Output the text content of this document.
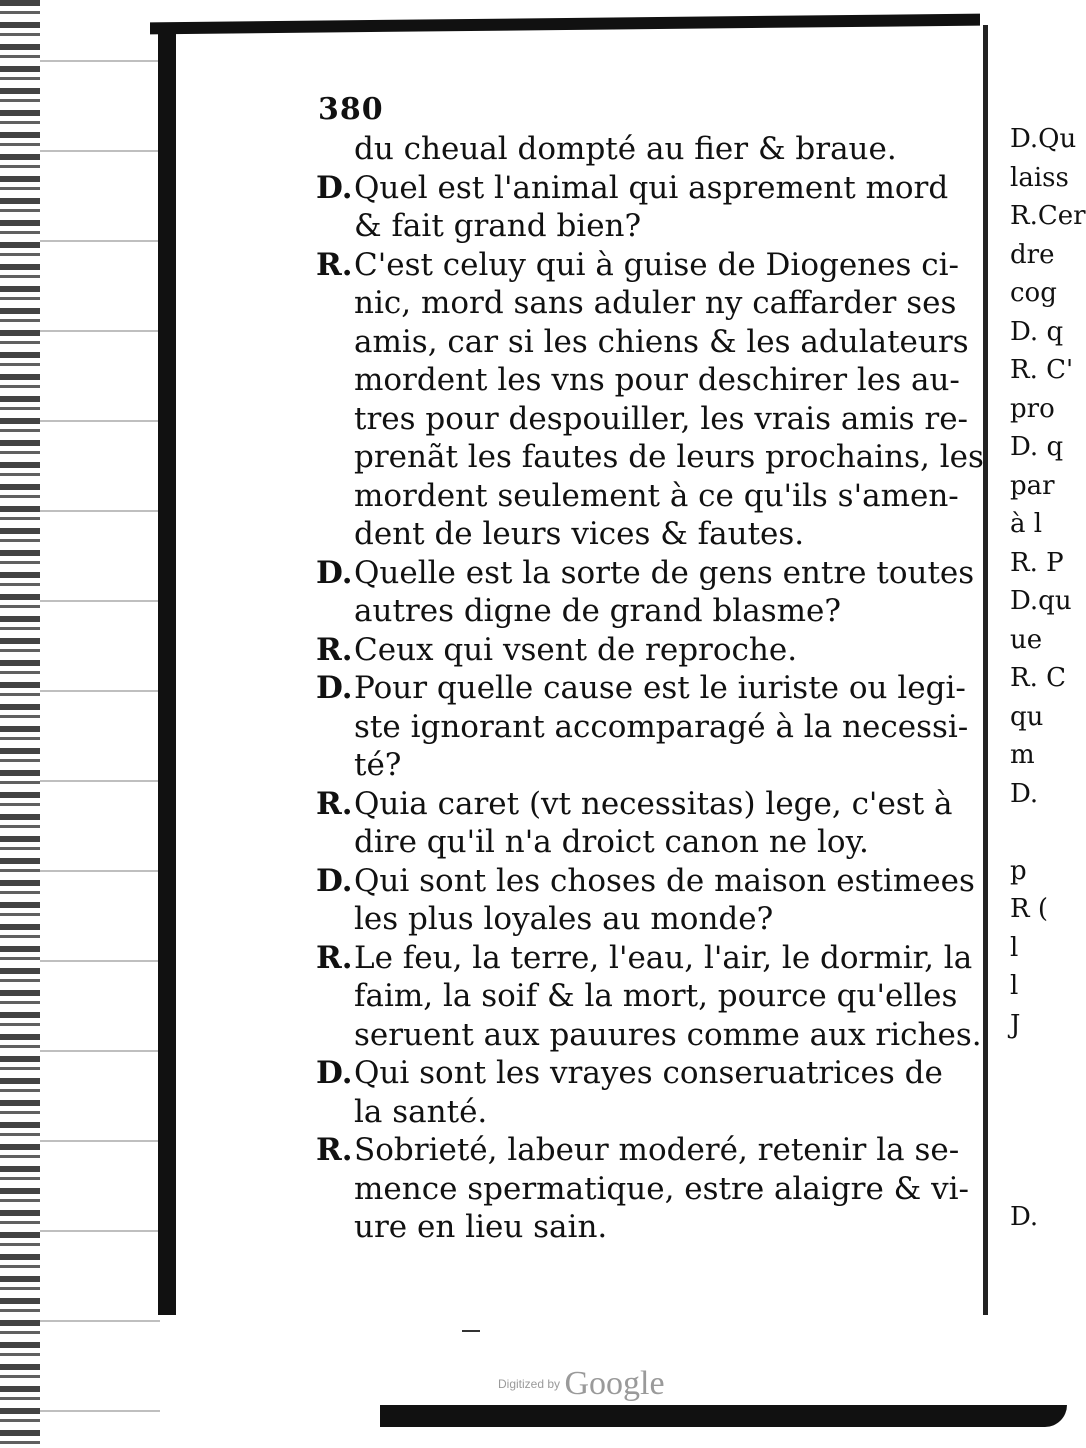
380
du cheual dompté au fier & braue.
D.Quel est l'animal qui asprement mord
& fait grand bien?
R.C'est celuy qui à guise de Diogenes ci-
nic, mord sans aduler ny caffarder ses
amis, car si les chiens & les adulateurs
mordent les vns pour deschirer les au-
tres pour despouiller, les vrais amis re-
prenãt les fautes de leurs prochains, les
mordent seulement à ce qu'ils s'amen-
dent de leurs vices & fautes.
D.Quelle est la sorte de gens entre toutes
autres digne de grand blasme?
R.Ceux qui vsent de reproche.
D.Pour quelle cause est le iuriste ou legi-
ste ignorant accomparagé à la necessi-
té?
R.Quia caret (vt necessitas) lege, c'est à
dire qu'il n'a droict canon ne loy.
D.Qui sont les choses de maison estimees
les plus loyales au monde?
R.Le feu, la terre, l'eau, l'air, le dormir, la
faim, la soif & la mort, pource qu'elles
seruent aux pauures comme aux riches.
D.Qui sont les vrayes conseruatrices de
la santé.
R.Sobrieté, labeur moderé, retenir la se-
mence spermatique, estre alaigre & vi-
ure en lieu sain.
D.Qu
laiss
R.Cer
dre
cog
D. q
R. C'
pro
D. q
par
à l
R. P
D.qu
ue
R. C
qu
m
D.
p
R (
l
l
J
D.
Digitized by Google
